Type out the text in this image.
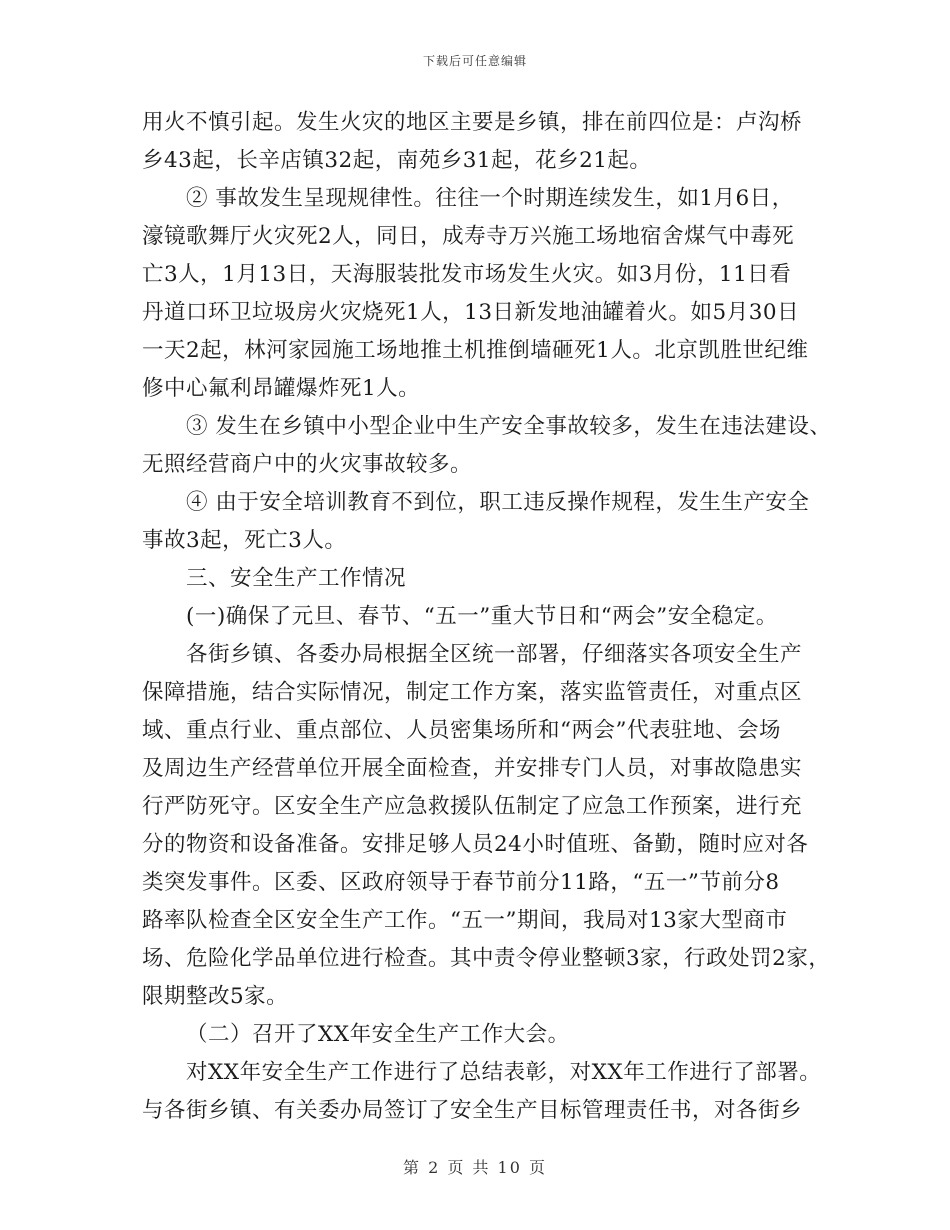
下载后可任意编辑
用火不慎引起。发生火灾的地区主要是乡镇，排在前四位是：卢沟桥
乡43起，长辛店镇32起，南苑乡31起，花乡21起。
② 事故发生呈现规律性。往往一个时期连续发生，如1月6日，
濠镜歌舞厅火灾死2人，同日，成寿寺万兴施工场地宿舍煤气中毒死
亡3人，1月13日，天海服装批发市场发生火灾。如3月份，11日看
丹道口环卫垃圾房火灾烧死1人，13日新发地油罐着火。如5月30日
一天2起，林河家园施工场地推土机推倒墙砸死1人。北京凯胜世纪维
修中心氟利昂罐爆炸死1人。
③ 发生在乡镇中小型企业中生产安全事故较多，发生在违法建设、
无照经营商户中的火灾事故较多。
④ 由于安全培训教育不到位，职工违反操作规程，发生生产安全
事故3起，死亡3人。
三、安全生产工作情况
(一)确保了元旦、春节、“五一”重大节日和“两会”安全稳定。
各街乡镇、各委办局根据全区统一部署，仔细落实各项安全生产
保障措施，结合实际情况，制定工作方案，落实监管责任，对重点区
域、重点行业、重点部位、人员密集场所和“两会”代表驻地、会场
及周边生产经营单位开展全面检查，并安排专门人员，对事故隐患实
行严防死守。区安全生产应急救援队伍制定了应急工作预案，进行充
分的物资和设备准备。安排足够人员24小时值班、备勤，随时应对各
类突发事件。区委、区政府领导于春节前分11路，“五一”节前分8
路率队检查全区安全生产工作。“五一”期间，我局对13家大型商市
场、危险化学品单位进行检查。其中责令停业整顿3家，行政处罚2家，
限期整改5家。
（二）召开了XX年安全生产工作大会。
对XX年安全生产工作进行了总结表彰，对XX年工作进行了部署。
与各街乡镇、有关委办局签订了安全生产目标管理责任书，对各街乡
第 2 页 共 10 页
